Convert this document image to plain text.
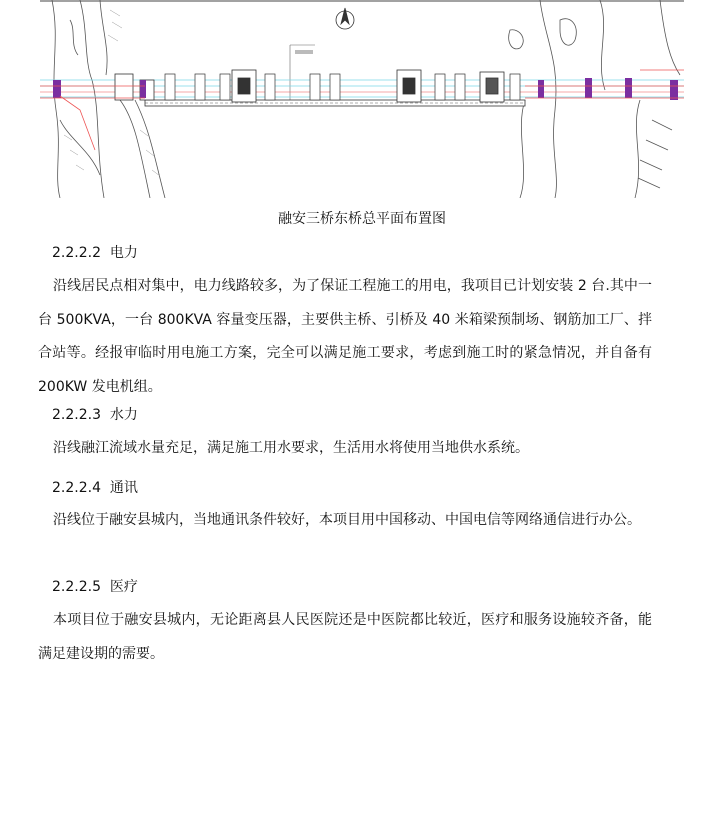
融安三桥东桥总平面布置图
2.2.2.2  电力
沿线居民点相对集中，电力线路较多，为了保证工程施工的用电，我项目已计划安装 2 台.其中一台 500KVA，一台 800KVA 容量变压器，主要供主桥、引桥及 40 米箱梁预制场、钢筋加工厂、拌合站等。经报审临时用电施工方案，完全可以满足施工要求，考虑到施工时的紧急情况，并自备有 200KW 发电机组。
2.2.2.3  水力
沿线融江流域水量充足，满足施工用水要求，生活用水将使用当地供水系统。
2.2.2.4  通讯
沿线位于融安县城内，当地通讯条件较好，本项目用中国移动、中国电信等网络通信进行办公。
2.2.2.5  医疗
本项目位于融安县城内，无论距离县人民医院还是中医院都比较近，医疗和服务设施较齐备，能满足建设期的需要。
